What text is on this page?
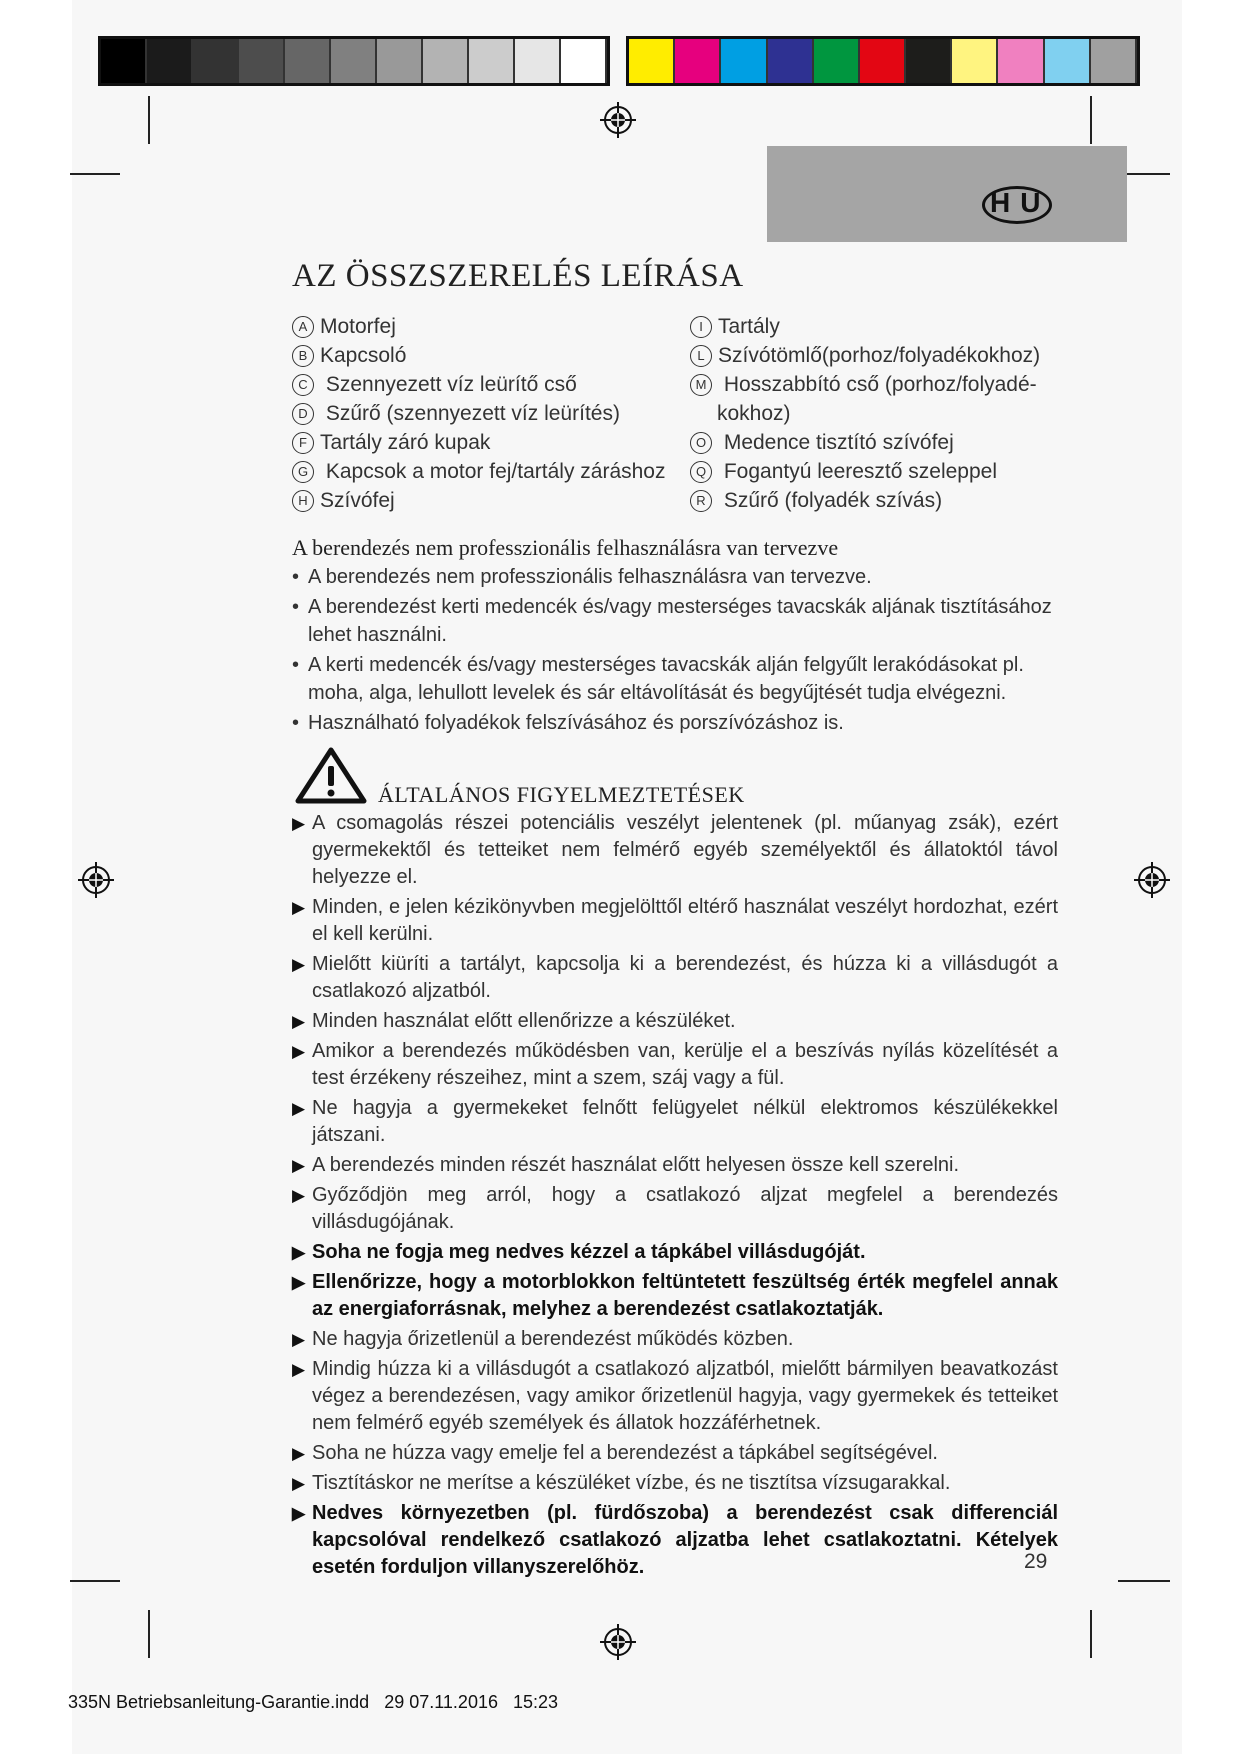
HU
AZ ÖSSZSZERELÉS LEÍRÁSA
A Motorfej
B Kapcsoló
C Szennyezett víz leürítő cső
D Szűrő (szennyezett víz leürítés)
F Tartály záró kupak
G Kapcsok a motor fej/tartály záráshoz
H Szívófej
I Tartály
L Szívótömlő(porhoz/folyadékokhoz)
M Hosszabbító cső (porhoz/folyadé-
kokhoz)
O Medence tisztító szívófej
Q Fogantyú leeresztő szeleppel
R Szűrő (folyadék szívás)
A berendezés nem professzionális felhasználásra van tervezve
• A berendezés nem professzionális felhasználásra van tervezve.
• A berendezést kerti medencék és/vagy mesterséges tavacskák aljának tisztításához lehet használni.
• A kerti medencék és/vagy mesterséges tavacskák alján felgyűlt lerakódásokat pl. moha, alga, lehullott levelek és sár eltávolítását és begyűjtését tudja elvégezni.
• Használható folyadékok felszívásához és porszívózáshoz is.
ÁLTALÁNOS FIGYELMEZTETÉSEK
▶ A csomagolás részei potenciális veszélyt jelentenek (pl. műanyag zsák), ezért gyermekektől és tetteiket nem felmérő egyéb személyektől és állatoktól távol helyezze el.
▶ Minden, e jelen kézikönyvben megjelölttől eltérő használat veszélyt hordozhat, ezért el kell kerülni.
▶ Mielőtt kiüríti a tartályt, kapcsolja ki a berendezést, és húzza ki a villásdugót a csatlakozó aljzatból.
▶ Minden használat előtt ellenőrizze a készüléket.
▶ Amikor a berendezés működésben van, kerülje el a beszívás nyílás közelítését a test érzékeny részeihez, mint a szem, száj vagy a fül.
▶ Ne hagyja a gyermekeket felnőtt felügyelet nélkül elektromos készülékekkel játszani.
▶ A berendezés minden részét használat előtt helyesen össze kell szerelni.
▶ Győződjön meg arról, hogy a csatlakozó aljzat megfelel a berendezés villásdugójának.
▶ Soha ne fogja meg nedves kézzel a tápkábel villásdugóját.
▶ Ellenőrizze, hogy a motorblokkon feltüntetett feszültség érték megfelel annak az energiaforrásnak, melyhez a berendezést csatlakoztatják.
▶ Ne hagyja őrizetlenül a berendezést működés közben.
▶ Mindig húzza ki a villásdugót a csatlakozó aljzatból, mielőtt bármilyen beavatkozást végez a berendezésen, vagy amikor őrizetlenül hagyja, vagy gyermekek és tetteiket nem felmérő egyéb személyek és állatok hozzáférhetnek.
▶ Soha ne húzza vagy emelje fel a berendezést a tápkábel segítségével.
▶ Tisztításkor ne merítse a készüléket vízbe, és ne tisztítsa vízsugarakkal.
▶ Nedves környezetben (pl. fürdőszoba) a berendezést csak differenciál kapcsolóval rendelkező csatlakozó aljzatba lehet csatlakoztatni. Kételyek esetén forduljon villanyszerelőhöz.	29
335N Betriebsanleitung-Garantie.indd   29 07.11.2016   15:23
